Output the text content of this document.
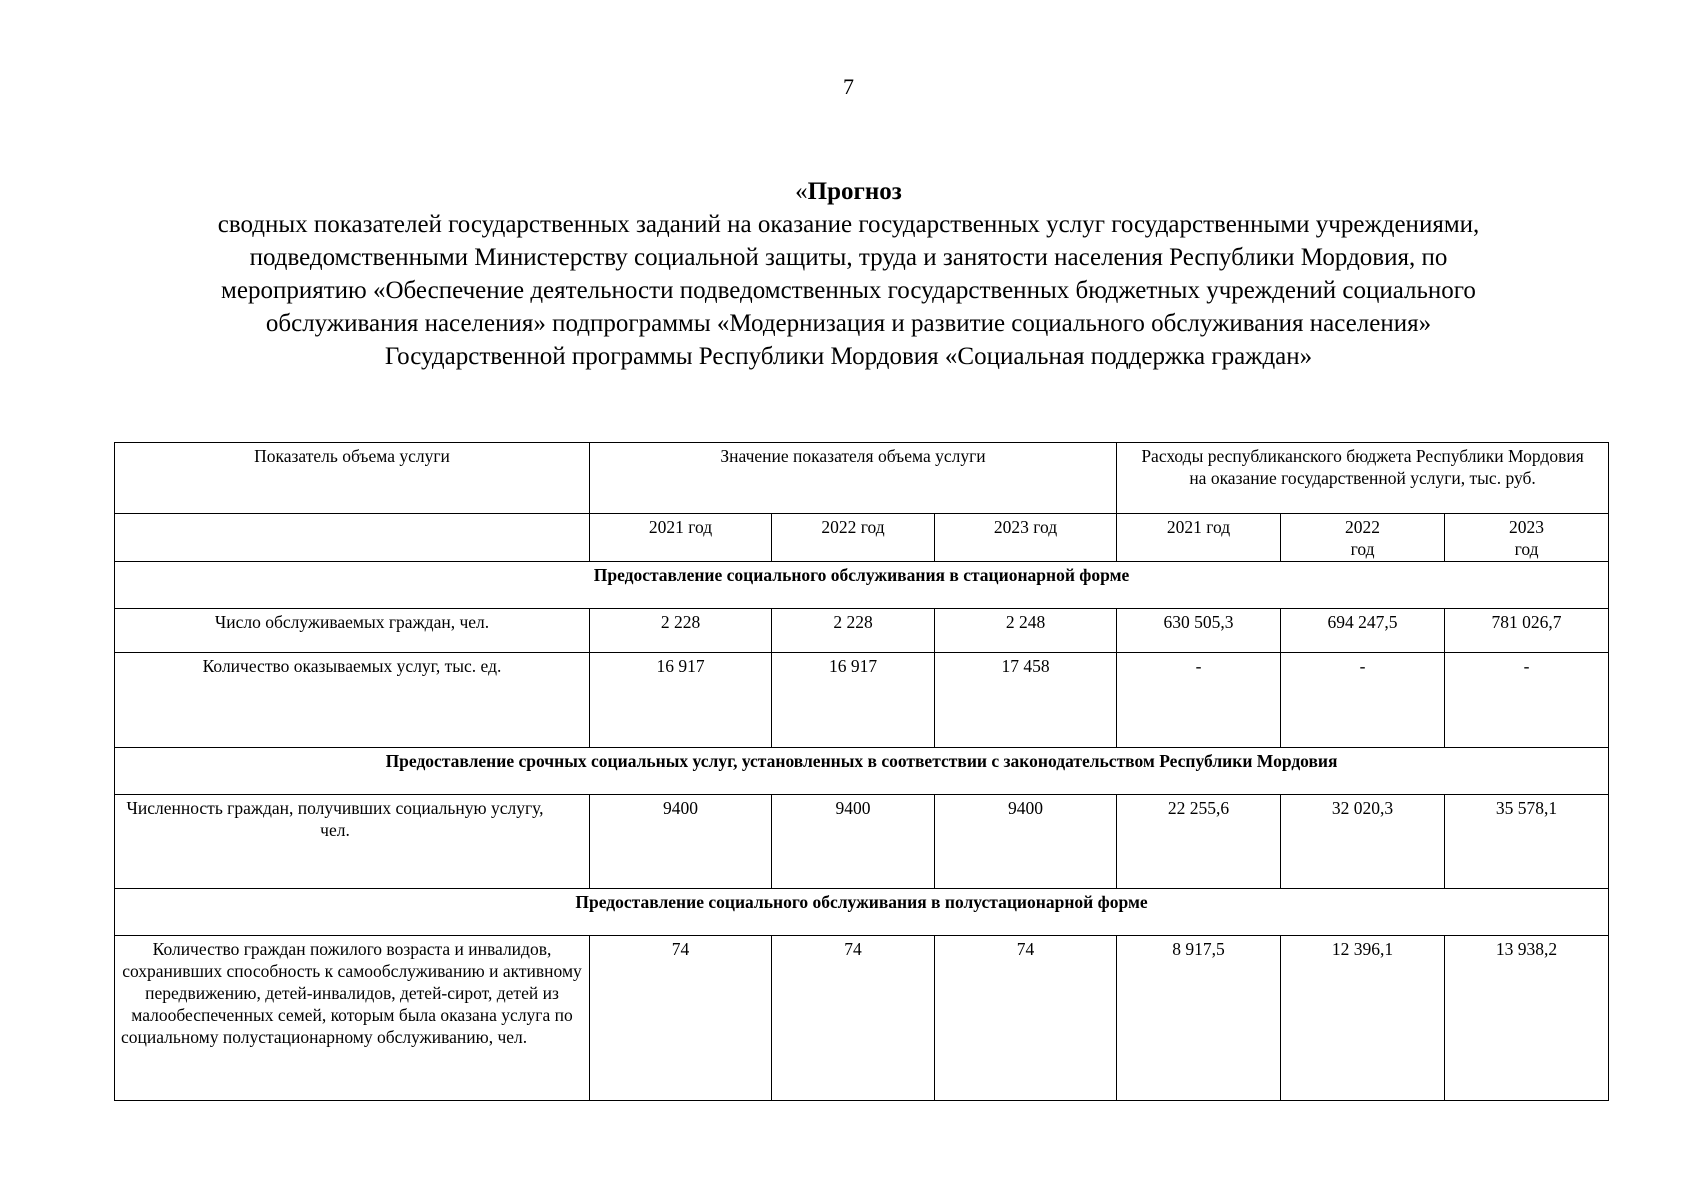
7
«Прогноз
сводных показателей государственных заданий на оказание государственных услуг государственными учреждениями,
подведомственными Министерству социальной защиты, труда и занятости населения Республики Мордовия, по
мероприятию «Обеспечение деятельности подведомственных государственных бюджетных учреждений социального
обслуживания населения» подпрограммы «Модернизация и развитие социального обслуживания населения»
Государственной программы Республики Мордовия «Социальная поддержка граждан»
Показатель объема услуги	Значение показателя объема услуги			Расходы республиканского бюджета Республики Мордовия на оказание государственной услуги, тыс. руб.		
	2021 год	2022 год	2023 год	2021 год	2022 год	2023 год
Предоставление социального обслуживания в стационарной форме						
Число обслуживаемых граждан, чел.	2 228	2 228	2 248	630 505,3	694 247,5	781 026,7
Количество оказываемых услуг, тыс. ед.	16 917	16 917	17 458	-	-	-
Предоставление срочных социальных услуг, установленных в соответствии с законодательством Республики Мордовия						
Численность граждан, получивших социальную услугу, чел.	9400	9400	9400	22 255,6	32 020,3	35 578,1
Предоставление социального обслуживания в полустационарной форме						
Количество граждан пожилого возраста и инвалидов, сохранивших способность к самообслуживанию и активному передвижению, детей-инвалидов, детей-сирот, детей из малообеспеченных семей, которым была оказана услуга по социальному полустационарному обслуживанию, чел.	74	74	74	8 917,5	12 396,1	13 938,2
